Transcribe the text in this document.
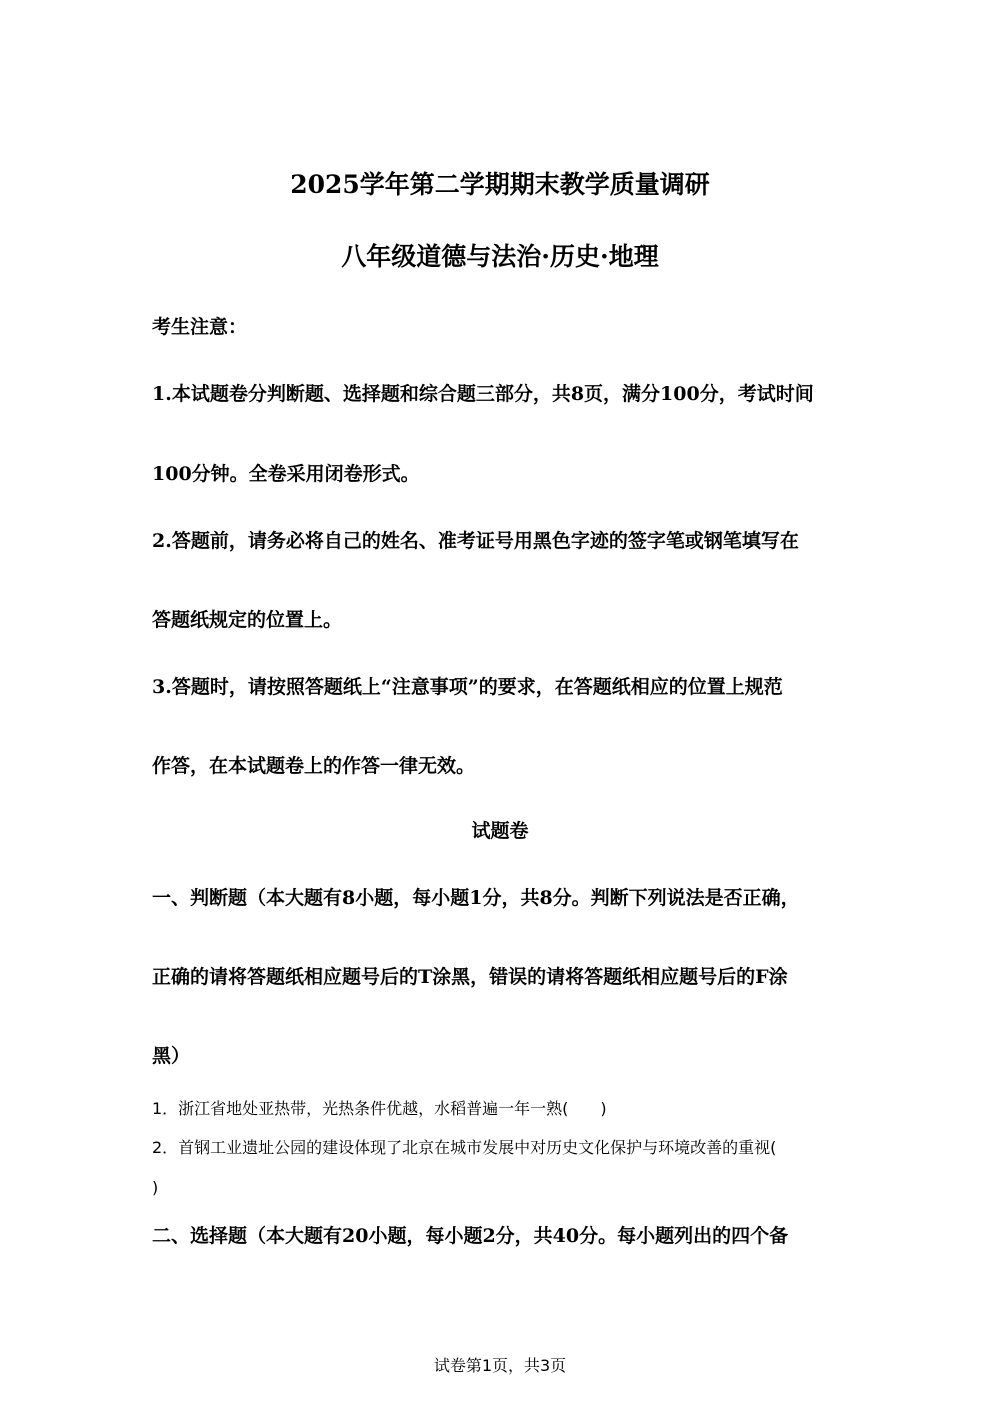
2025学年第二学期期末教学质量调研
八年级道德与法治·历史·地理
考生注意：
1.本试题卷分判断题、选择题和综合题三部分，共8页，满分100分，考试时间
100分钟。全卷采用闭卷形式。
2.答题前，请务必将自己的姓名、准考证号用黑色字迹的签字笔或钢笔填写在
答题纸规定的位置上。
3.答题时，请按照答题纸上“注意事项”的要求，在答题纸相应的位置上规范
作答，在本试题卷上的作答一律无效。
试题卷
一、判断题（本大题有8小题，每小题1分，共8分。判断下列说法是否正确，
正确的请将答题纸相应题号后的T涂黑，错误的请将答题纸相应题号后的F涂
黑）
1．浙江省地处亚热带，光热条件优越，水稻普遍一年一熟(　　)
2．首钢工业遗址公园的建设体现了北京在城市发展中对历史文化保护与环境改善的重视(
)
二、选择题（本大题有20小题，每小题2分，共40分。每小题列出的四个备
试卷第1页，共3页
